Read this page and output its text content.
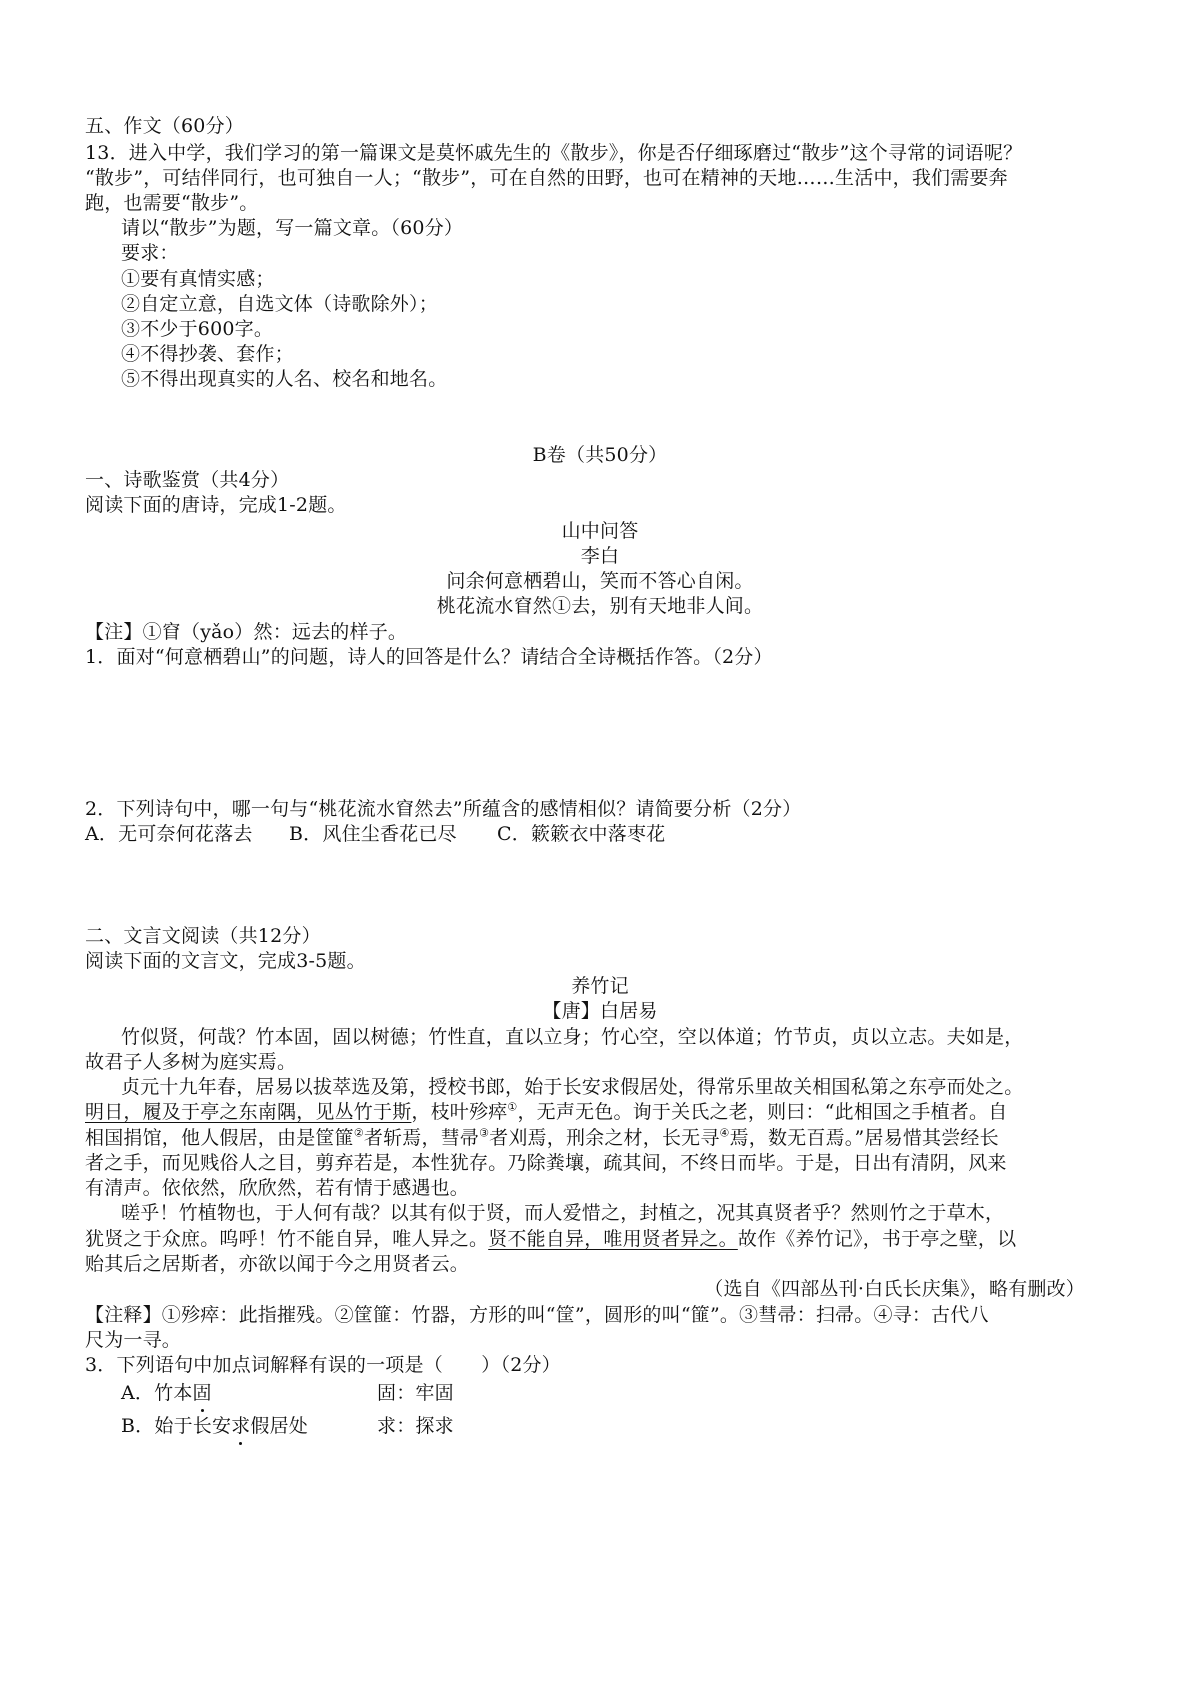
五、作文（60分）
13．进入中学，我们学习的第一篇课文是莫怀戚先生的《散步》，你是否仔细琢磨过“散步”这个寻常的词语呢？
“散步”，可结伴同行，也可独自一人；“散步”，可在自然的田野，也可在精神的天地……生活中，我们需要奔
跑，也需要“散步”。
请以“散步”为题，写一篇文章。（60分）
要求：
①要有真情实感；
②自定立意，自选文体（诗歌除外）；
③不少于600字。
④不得抄袭、套作；
⑤不得出现真实的人名、校名和地名。
B卷（共50分）
一、诗歌鉴赏（共4分）
阅读下面的唐诗，完成1-2题。
山中问答
李白
问余何意栖碧山，笑而不答心自闲。
桃花流水窅然①去，别有天地非人间。
【注】①窅（yǎo）然：远去的样子。
1．面对“何意栖碧山”的问题，诗人的回答是什么？请结合全诗概括作答。（2分）
2．下列诗句中，哪一句与“桃花流水窅然去”所蕴含的感情相似？请简要分析（2分）
A．无可奈何花落去 B．风住尘香花已尽 C．簌簌衣中落枣花
二、文言文阅读（共12分）
阅读下面的文言文，完成3-5题。
养竹记
【唐】白居易
竹似贤，何哉？竹本固，固以树德；竹性直，直以立身；竹心空，空以体道；竹节贞，贞以立志。夫如是，
故君子人多树为庭实焉。
贞元十九年春，居易以拔萃选及第，授校书郎，始于长安求假居处，得常乐里故关相国私第之东亭而处之。
明日，履及于亭之东南隅，见丛竹于斯，枝叶殄瘁①，无声无色。询于关氏之老，则曰：“此相国之手植者。自
相国捐馆，他人假居，由是筐篚②者斩焉，彗帚③者刈焉，刑余之材，长无寻④焉，数无百焉。”居易惜其尝经长
者之手，而见贱俗人之目，剪弃若是，本性犹存。乃除粪壤，疏其间，不终日而毕。于是，日出有清阴，风来
有清声。依依然，欣欣然，若有情于感遇也。
嗟乎！竹植物也，于人何有哉？以其有似于贤，而人爱惜之，封植之，况其真贤者乎？然则竹之于草木，
犹贤之于众庶。呜呼！竹不能自异，唯人异之。贤不能自异，唯用贤者异之。故作《养竹记》，书于亭之壁，以
贻其后之居斯者，亦欲以闻于今之用贤者云。
（选自《四部丛刊·白氏长庆集》，略有删改）
【注释】①殄瘁：此指摧残。②筐篚：竹器，方形的叫“筐”，圆形的叫“篚”。③彗帚：扫帚。④寻：古代八
尺为一寻。
3．下列语句中加点词解释有误的一项是（　　）（2分）
A．竹本固	固：牢固
B．始于长安求假居处	求：探求
